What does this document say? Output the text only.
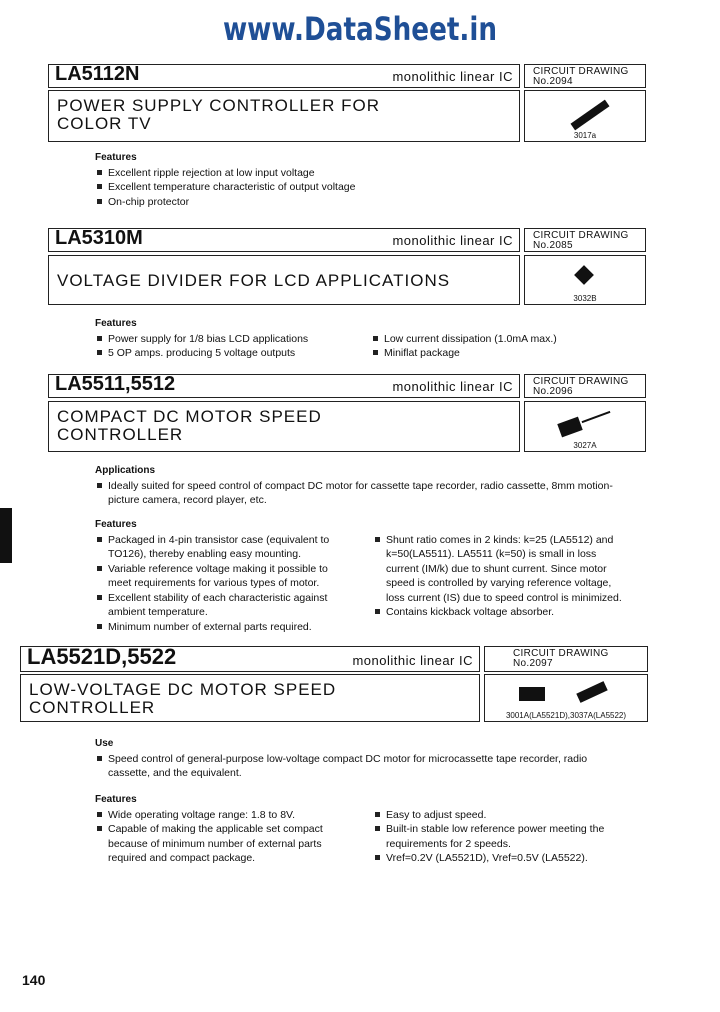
www.DataSheet.in
LA5112N	monolithic linear IC CIRCUIT DRAWING
No.2094
POWER SUPPLY CONTROLLER FOR
COLOR TV
3017a
Features
Excellent ripple rejection at low input voltage
Excellent temperature characteristic of output voltage
On-chip protector
LA5310M	monolithic linear IC CIRCUIT DRAWING
No.2085
VOLTAGE DIVIDER FOR LCD APPLICATIONS
3032B
Features
Power supply for 1/8 bias LCD applications
5 OP amps. producing 5 voltage outputs
Low current dissipation (1.0mA max.)
Miniflat package
LA5511,5512	monolithic linear IC CIRCUIT DRAWING
No.2096
COMPACT DC MOTOR SPEED
CONTROLLER
3027A
Applications
Ideally suited for speed control of compact DC motor for cassette tape recorder, radio cassette, 8mm motion-picture camera, record player, etc.
Features
Packaged in 4-pin transistor case (equivalent to TO126), thereby enabling easy mounting.
Variable reference voltage making it possible to meet requirements for various types of motor.
Excellent stability of each characteristic against ambient temperature.
Minimum number of external parts required.
Shunt ratio comes in 2 kinds: k=25 (LA5512) and k=50(LA5511). LA5511 (k=50) is small in loss current (IM/k) due to shunt current. Since motor speed is controlled by varying reference voltage, loss current (IS) due to speed control is minimized.
Contains kickback voltage absorber.
LA5521D,5522	monolithic linear IC	CIRCUIT DRAWING
No.2097
LOW-VOLTAGE DC MOTOR SPEED
CONTROLLER	3001A(LA5521D),3037A(LA5522)
Use
Speed control of general-purpose low-voltage compact DC motor for microcassette tape recorder, radio cassette, and the equivalent.
Features
Wide operating voltage range: 1.8 to 8V.
Capable of making the applicable set compact because of minimum number of external parts required and compact package.
Easy to adjust speed.
Built-in stable low reference power meeting the requirements for 2 speeds.
Vref=0.2V (LA5521D), Vref=0.5V (LA5522).
140
